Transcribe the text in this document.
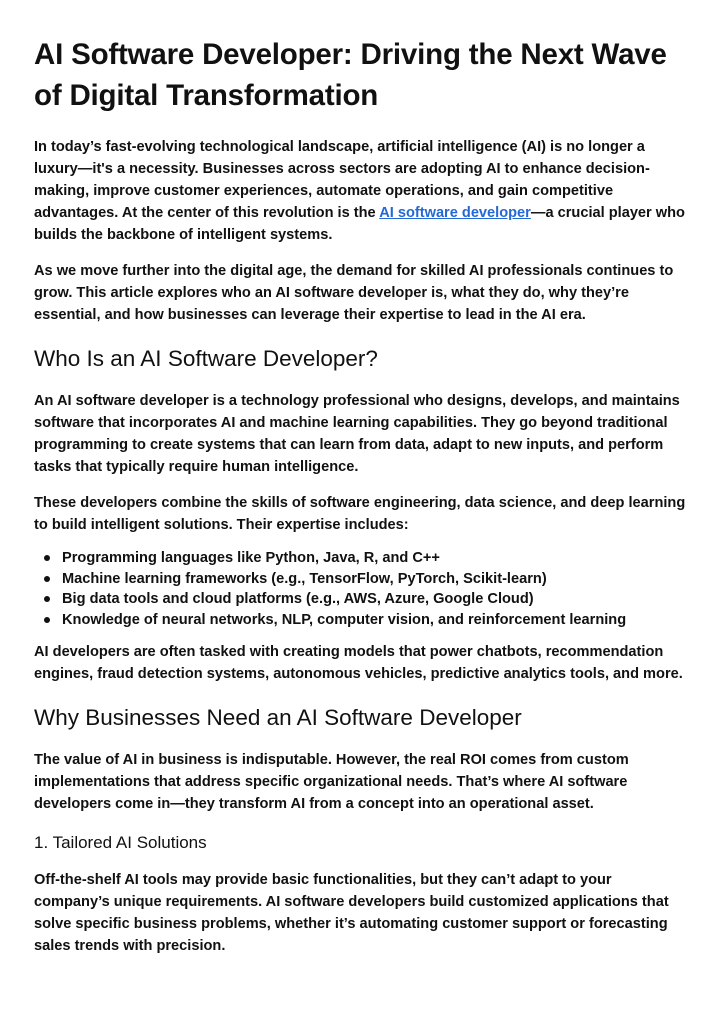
AI Software Developer: Driving the Next Wave of Digital Transformation

In today’s fast-evolving technological landscape, artificial intelligence (AI) is no longer a luxury—it's a necessity. Businesses across sectors are adopting AI to enhance decision-making, improve customer experiences, automate operations, and gain competitive advantages. At the center of this revolution is the AI software developer—a crucial player who builds the backbone of intelligent systems.

As we move further into the digital age, the demand for skilled AI professionals continues to grow. This article explores who an AI software developer is, what they do, why they’re essential, and how businesses can leverage their expertise to lead in the AI era.

Who Is an AI Software Developer?

An AI software developer is a technology professional who designs, develops, and maintains software that incorporates AI and machine learning capabilities. They go beyond traditional programming to create systems that can learn from data, adapt to new inputs, and perform tasks that typically require human intelligence.

These developers combine the skills of software engineering, data science, and deep learning to build intelligent solutions. Their expertise includes:

Programming languages like Python, Java, R, and C++
Machine learning frameworks (e.g., TensorFlow, PyTorch, Scikit-learn)
Big data tools and cloud platforms (e.g., AWS, Azure, Google Cloud)
Knowledge of neural networks, NLP, computer vision, and reinforcement learning

AI developers are often tasked with creating models that power chatbots, recommendation engines, fraud detection systems, autonomous vehicles, predictive analytics tools, and more.

Why Businesses Need an AI Software Developer

The value of AI in business is indisputable. However, the real ROI comes from custom implementations that address specific organizational needs. That’s where AI software developers come in—they transform AI from a concept into an operational asset.

1. Tailored AI Solutions

Off-the-shelf AI tools may provide basic functionalities, but they can’t adapt to your company’s unique requirements. AI software developers build customized applications that solve specific business problems, whether it’s automating customer support or forecasting sales trends with precision.
